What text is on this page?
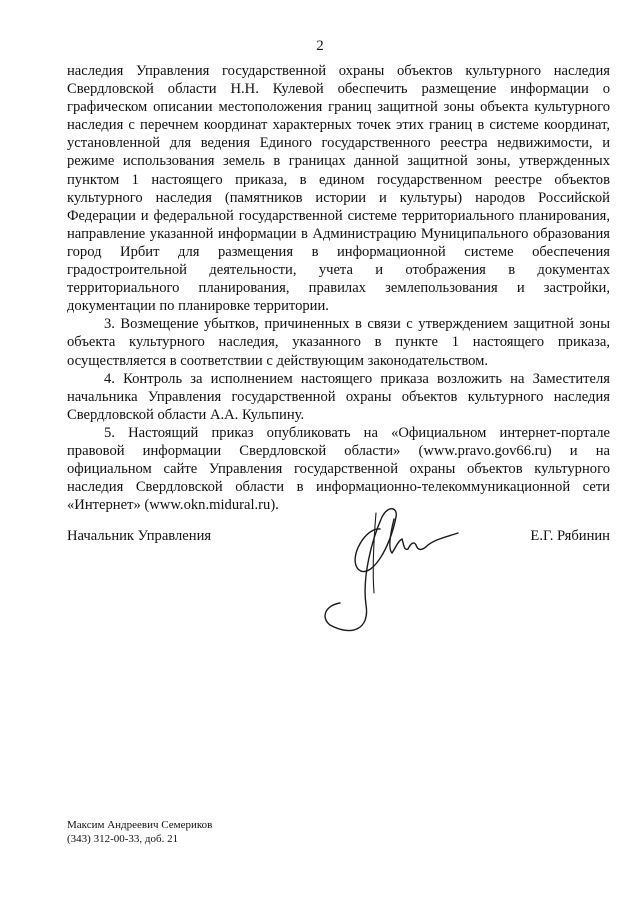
2

наследия Управления государственной охраны объектов культурного наследия Свердловской области Н.Н. Кулевой обеспечить размещение информации о графическом описании местоположения границ защитной зоны объекта культурного наследия с перечнем координат характерных точек этих границ в системе координат, установленной для ведения Единого государственного реестра недвижимости, и режиме использования земель в границах данной защитной зоны, утвержденных пунктом 1 настоящего приказа, в едином государственном реестре объектов культурного наследия (памятников истории и культуры) народов Российской Федерации и федеральной государственной системе территориального планирования, направление указанной информации в Администрацию Муниципального образования город Ирбит для размещения в информационной системе обеспечения градостроительной деятельности, учета и отображения в документах территориального планирования, правилах землепользования и застройки, документации по планировке территории.

3. Возмещение убытков, причиненных в связи с утверждением защитной зоны объекта культурного наследия, указанного в пункте 1 настоящего приказа, осуществляется в соответствии с действующим законодательством.

4. Контроль за исполнением настоящего приказа возложить на Заместителя начальника Управления государственной охраны объектов культурного наследия Свердловской области А.А. Кульпину.

5. Настоящий приказ опубликовать на «Официальном интернет-портале правовой информации Свердловской области» (www.pravo.gov66.ru) и на официальном сайте Управления государственной охраны объектов культурного наследия Свердловской области в информационно-телекоммуникационной сети «Интернет» (www.okn.midural.ru).

Начальник Управления	Е.Г. Рябинин
Максим Андреевич Семериков
(343) 312-00-33, доб. 21
